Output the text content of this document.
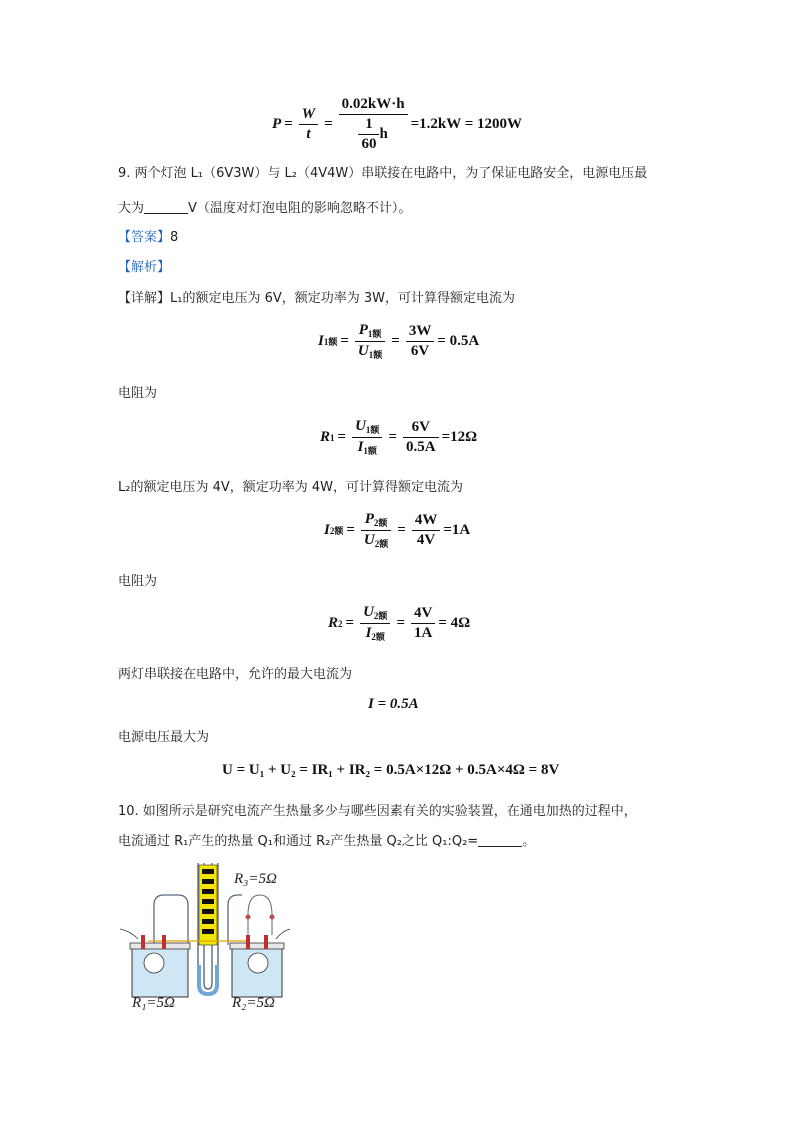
$P = \frac{W}{t} = \frac{0.02kW\cdot h}{\frac{1}{60} h} =1.2kW = 1200W$
9. 两个灯泡 L₁（6V3W）与 L₂（4V4W）串联接在电路中，为了保证电路安全，电源电压最
大为	V（温度对灯泡电阻的影响忽略不计）。
【答案】8
【解析】
【详解】L₁的额定电压为 6V，额定功率为 3W，可计算得额定电流为
I 1额 = $\frac{P_{1额}}{U_{1额}} = \frac{3W}{6V} = 0.5A$
电阻为
R $1 = \frac{U_{1额}}{I_{1额}} = \frac{6V}{0.5A} =12\Omega$
L₂的额定电压为 4V，额定功率为 4W，可计算得额定电流为
I 2额 = $\frac{P_{2额}}{U_{2额}} = \frac{4W}{4V} =1A$
电阻为
R $2 = \frac{U_{2额}}{I_{2额}} = \frac{4V}{1A} = 4\Omega$
两灯串联接在电路中，允许的最大电流为
I = 0.5A
电源电压最大为
U = U₁ + U₂ = IR₁ + IR₂ = 0.5A×12Ω + 0.5A×4Ω = 8V
10. 如图所示是研究电流产生热量多少与哪些因素有关的实验装置，在通电加热的过程中，
电流通过 R₁产生的热量 Q₁和通过 R₂产生热量 Q₂之比 Q₁:Q₂=	。
R₃=5Ω
R₁=5Ω	R₂=5Ω
